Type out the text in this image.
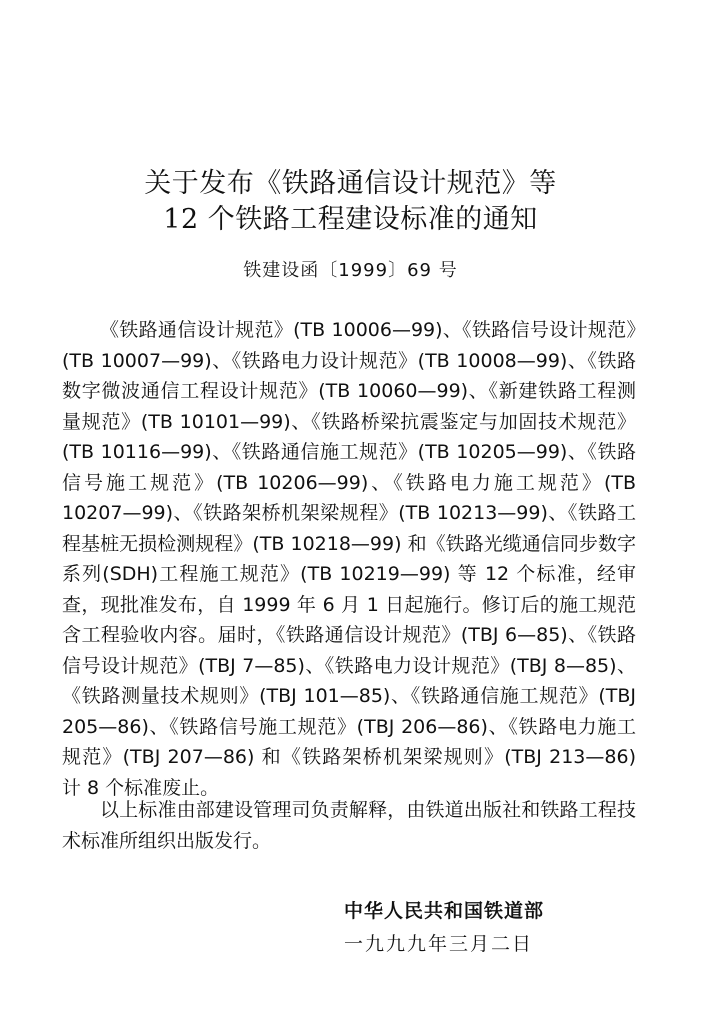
关于发布《铁路通信设计规范》等
12 个铁路工程建设标准的通知
铁建设函〔1999〕69 号
《铁路通信设计规范》(TB 10006—99)、《铁路信号设计规范》(TB 10007—99)、《铁路电力设计规范》(TB 10008—99)、《铁路数字微波通信工程设计规范》(TB 10060—99)、《新建铁路工程测量规范》(TB 10101—99)、《铁路桥梁抗震鉴定与加固技术规范》(TB 10116—99)、《铁路通信施工规范》(TB 10205—99)、《铁路信号施工规范》(TB 10206—99)、《铁路电力施工规范》(TB 10207—99)、《铁路架桥机架梁规程》(TB 10213—99)、《铁路工程基桩无损检测规程》(TB 10218—99) 和《铁路光缆通信同步数字系列(SDH)工程施工规范》(TB 10219—99) 等 12 个标准，经审查，现批准发布，自 1999 年 6 月 1 日起施行。修订后的施工规范含工程验收内容。届时，《铁路通信设计规范》(TBJ 6—85)、《铁路信号设计规范》(TBJ 7—85)、《铁路电力设计规范》(TBJ 8—85)、《铁路测量技术规则》(TBJ 101—85)、《铁路通信施工规范》(TBJ 205—86)、《铁路信号施工规范》(TBJ 206—86)、《铁路电力施工规范》(TBJ 207—86) 和《铁路架桥机架梁规则》(TBJ 213—86) 计 8 个标准废止。
以上标准由部建设管理司负责解释，由铁道出版社和铁路工程技术标准所组织出版发行。
中华人民共和国铁道部
一九九九年三月二日
